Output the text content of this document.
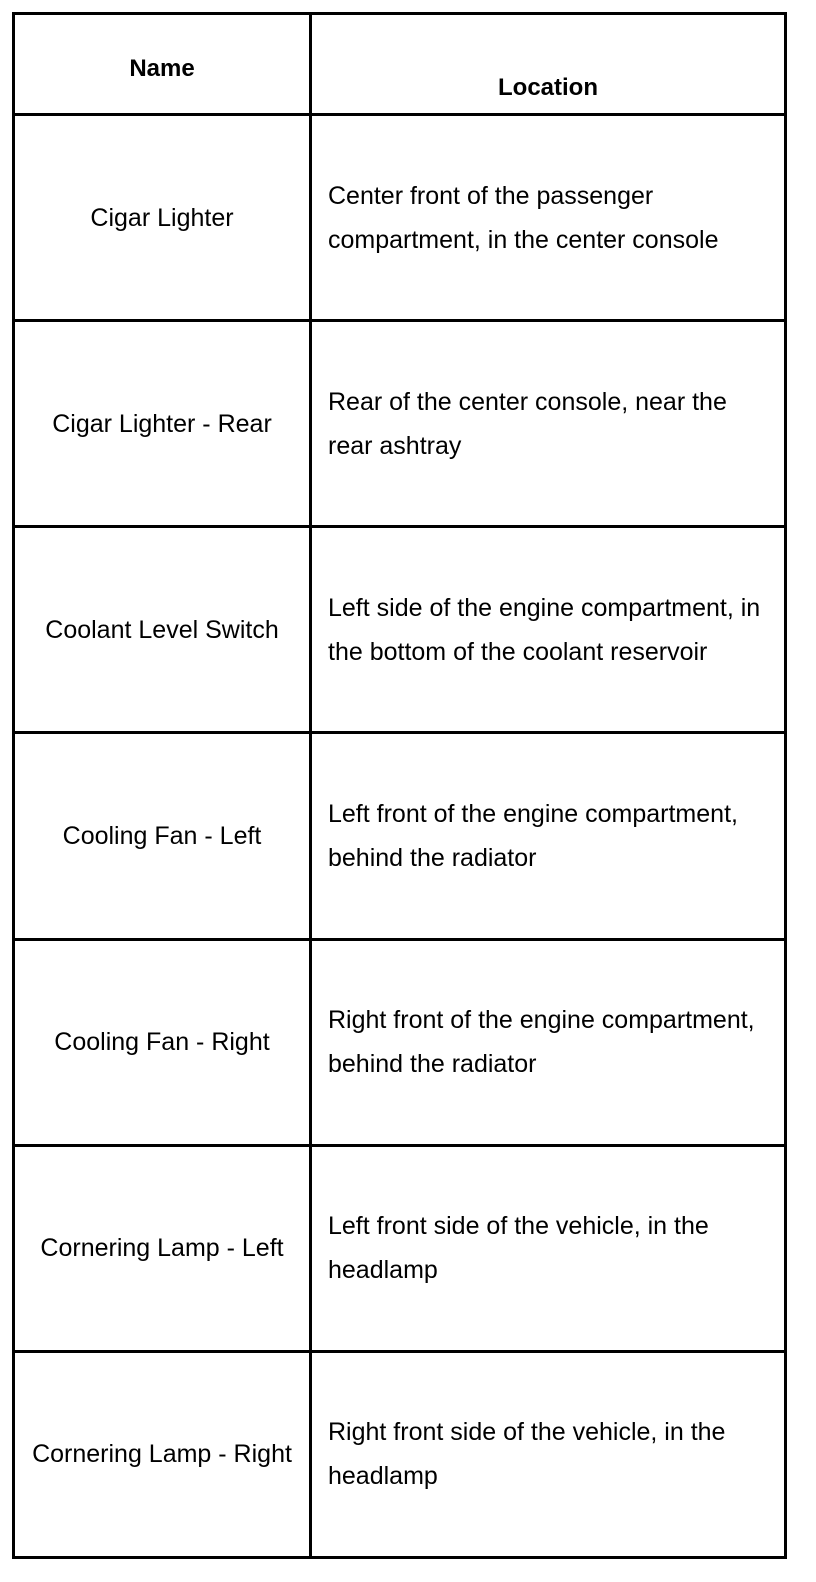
Name	Location
Cigar Lighter	Center front of the passenger compartment, in the center console
Cigar Lighter - Rear	Rear of the center console, near the rear ashtray
Coolant Level Switch	Left side of the engine compartment, in the bottom of the coolant reservoir
Cooling Fan - Left	Left front of the engine compartment, behind the radiator
Cooling Fan - Right	Right front of the engine compartment, behind the radiator
Cornering Lamp - Left	Left front side of the vehicle, in the headlamp
Cornering Lamp - Right	Right front side of the vehicle, in the headlamp
